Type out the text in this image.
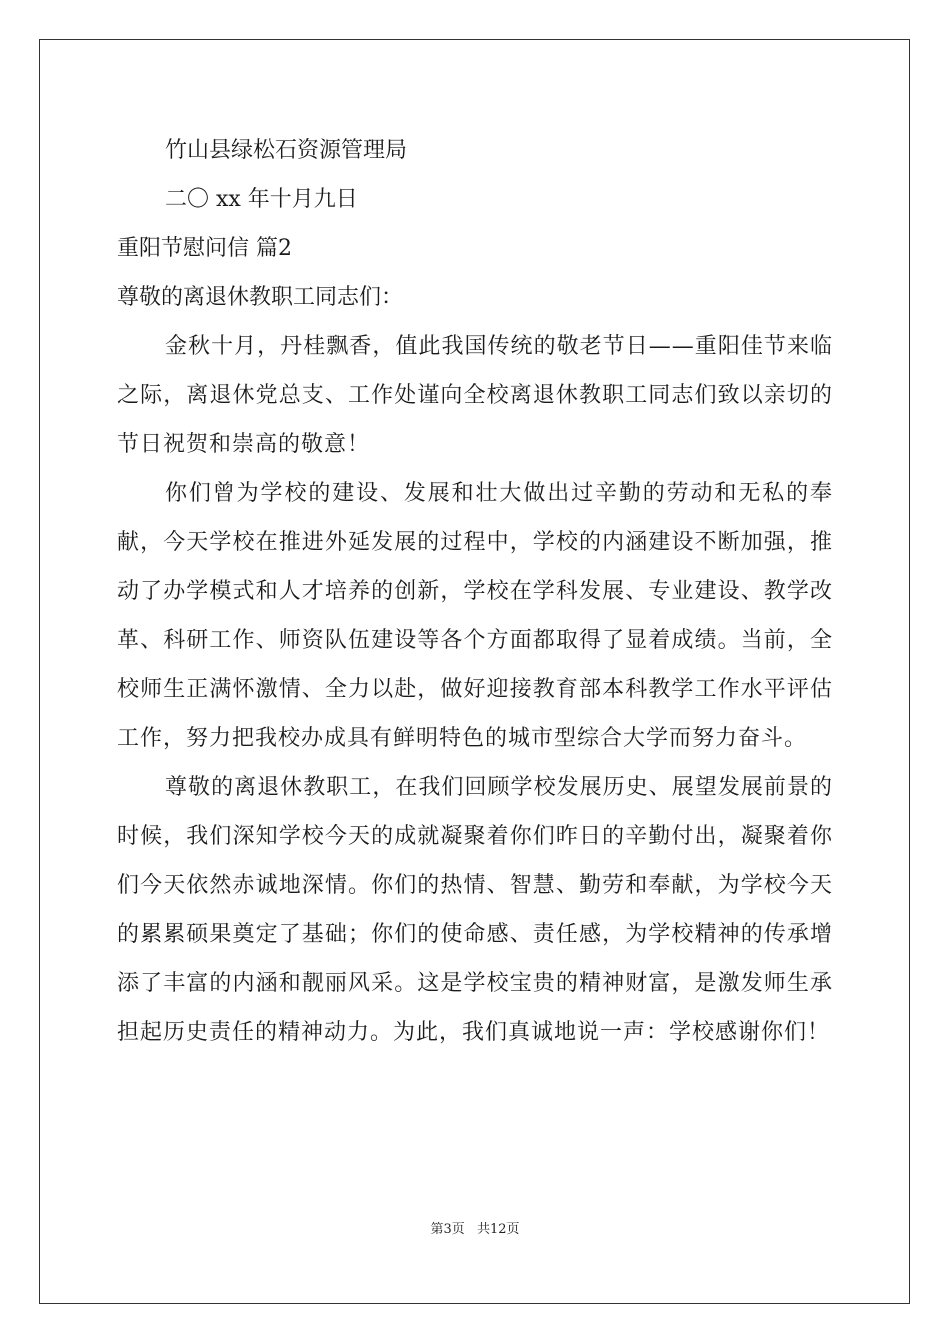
竹山县绿松石资源管理局
二〇 xx 年十月九日
重阳节慰问信 篇2
尊敬的离退休教职工同志们：
金秋十月，丹桂飘香，值此我国传统的敬老节日——重阳佳节来临之际，离退休党总支、工作处谨向全校离退休教职工同志们致以亲切的节日祝贺和崇高的敬意！
你们曾为学校的建设、发展和壮大做出过辛勤的劳动和无私的奉献，今天学校在推进外延发展的过程中，学校的内涵建设不断加强，推动了办学模式和人才培养的创新，学校在学科发展、专业建设、教学改革、科研工作、师资队伍建设等各个方面都取得了显着成绩。当前，全校师生正满怀激情、全力以赴，做好迎接教育部本科教学工作水平评估工作，努力把我校办成具有鲜明特色的城市型综合大学而努力奋斗。
尊敬的离退休教职工，在我们回顾学校发展历史、展望发展前景的时候，我们深知学校今天的成就凝聚着你们昨日的辛勤付出，凝聚着你们今天依然赤诚地深情。你们的热情、智慧、勤劳和奉献，为学校今天的累累硕果奠定了基础；你们的使命感、责任感，为学校精神的传承增添了丰富的内涵和靓丽风采。这是学校宝贵的精神财富，是激发师生承担起历史责任的精神动力。为此，我们真诚地说一声：学校感谢你们！
第3页 共12页
